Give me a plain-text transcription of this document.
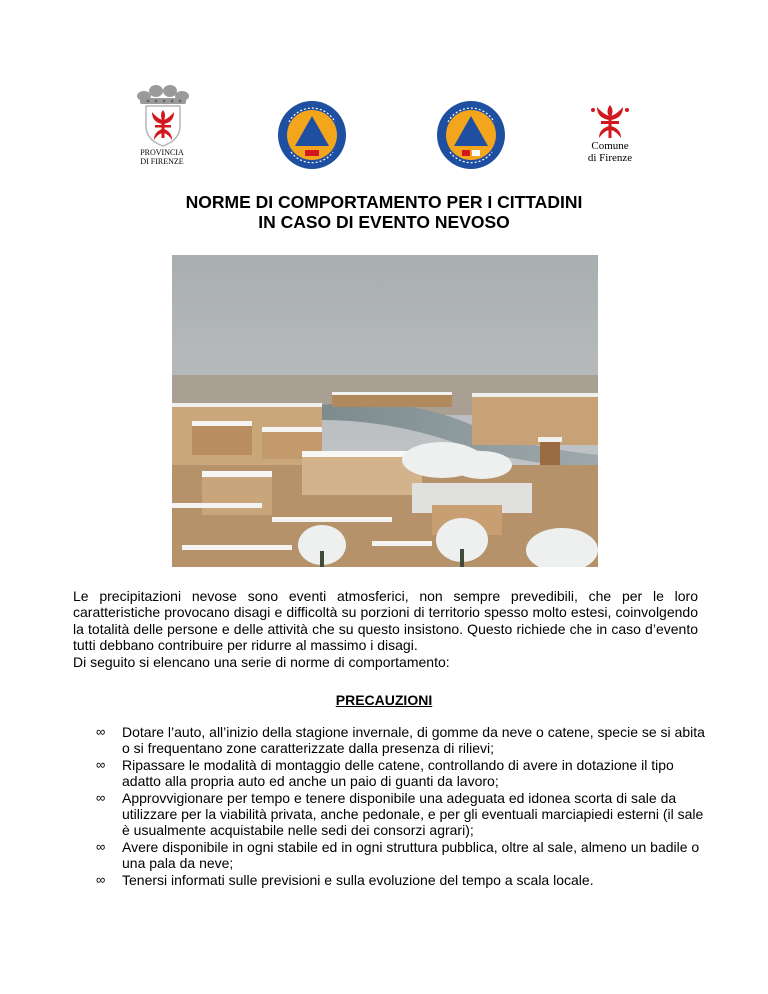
PROVINCIA
DI FIRENZE
Comune
di Firenze
NORME DI COMPORTAMENTO PER I CITTADINI
IN CASO DI EVENTO NEVOSO

Le precipitazioni nevose sono eventi atmosferici, non sempre prevedibili, che per le loro caratteristiche provocano disagi e difficoltà su porzioni di territorio spesso molto estesi, coinvolgendo la totalità delle persone e delle attività che su questo insistono. Questo richiede che in caso d’evento tutti debbano contribuire per ridurre al massimo i disagi.

Di seguito si elencano una serie di norme di comportamento:

PRECAUZIONI
∞ Dotare l’auto, all’inizio della stagione invernale, di gomme da neve o catene, specie se si abita o si frequentano zone caratterizzate dalla presenza di rilievi;
∞ Ripassare le modalità di montaggio delle catene, controllando di avere in dotazione il tipo adatto alla propria auto ed anche un paio di guanti da lavoro;
∞ Approvvigionare per tempo e tenere disponibile una adeguata ed idonea scorta di sale da utilizzare per la viabilità privata, anche pedonale, e per gli eventuali marciapiedi esterni (il sale è usualmente acquistabile nelle sedi dei consorzi agrari);
∞ Avere disponibile in ogni stabile ed in ogni struttura pubblica, oltre al sale, almeno un badile o una pala da neve;
∞ Tenersi informati sulle previsioni e sulla evoluzione del tempo a scala locale.
